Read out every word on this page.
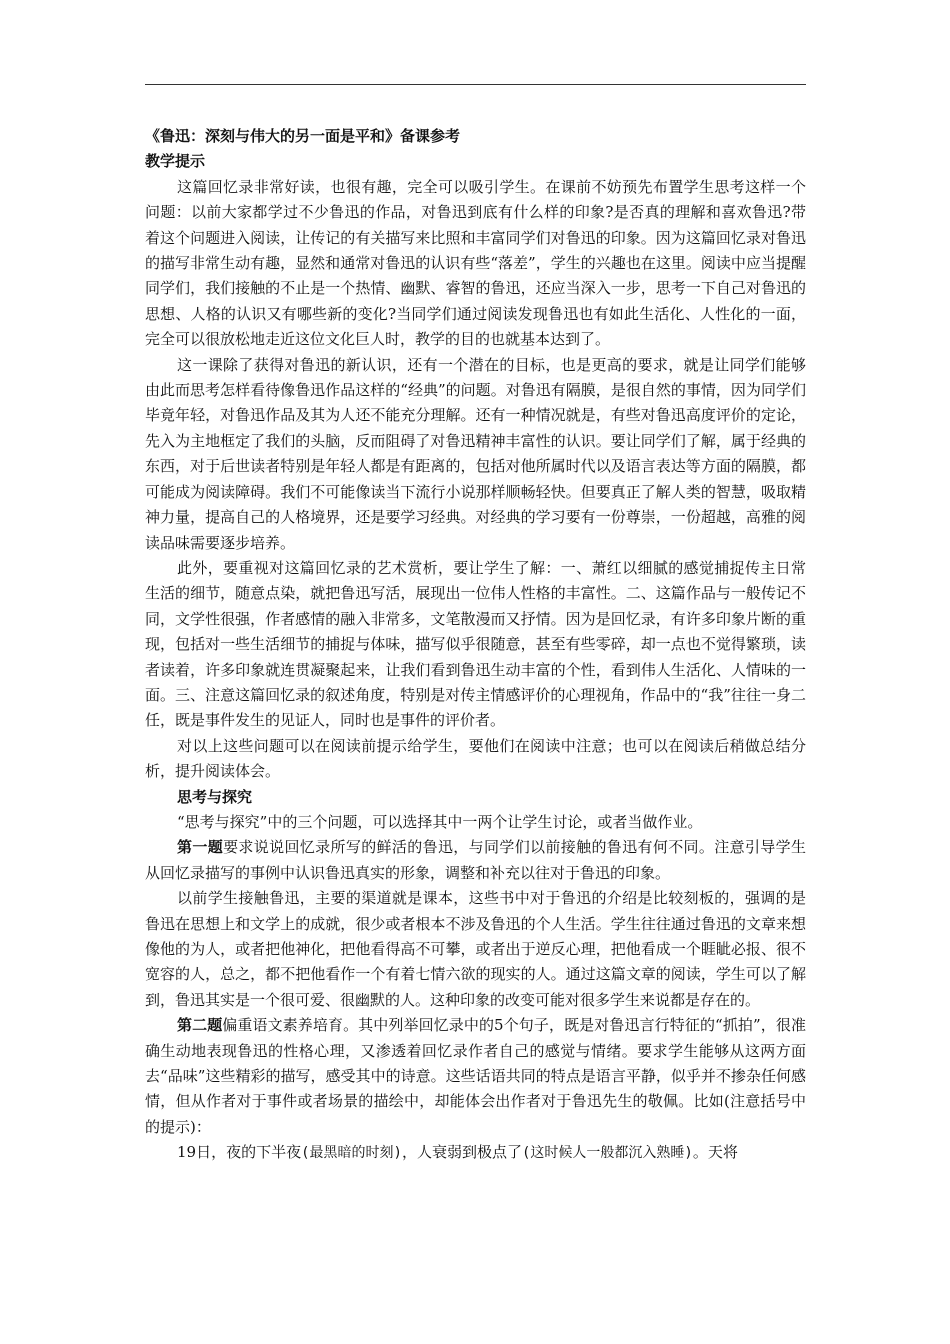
《鲁迅：深刻与伟大的另一面是平和》备课参考

教学提示

这篇回忆录非常好读，也很有趣，完全可以吸引学生。在课前不妨预先布置学生思考这样一个问题：以前大家都学过不少鲁迅的作品，对鲁迅到底有什么样的印象?是否真的理解和喜欢鲁迅?带着这个问题进入阅读，让传记的有关描写来比照和丰富同学们对鲁迅的印象。因为这篇回忆录对鲁迅的描写非常生动有趣，显然和通常对鲁迅的认识有些“落差”，学生的兴趣也在这里。阅读中应当提醒同学们，我们接触的不止是一个热情、幽默、睿智的鲁迅，还应当深入一步，思考一下自己对鲁迅的思想、人格的认识又有哪些新的变化?当同学们通过阅读发现鲁迅也有如此生活化、人性化的一面，完全可以很放松地走近这位文化巨人时，教学的目的也就基本达到了。

这一课除了获得对鲁迅的新认识，还有一个潜在的目标，也是更高的要求，就是让同学们能够由此而思考怎样看待像鲁迅作品这样的“经典”的问题。对鲁迅有隔膜，是很自然的事情，因为同学们毕竟年轻，对鲁迅作品及其为人还不能充分理解。还有一种情况就是，有些对鲁迅高度评价的定论，先入为主地框定了我们的头脑，反而阻碍了对鲁迅精神丰富性的认识。要让同学们了解，属于经典的东西，对于后世读者特别是年轻人都是有距离的，包括对他所属时代以及语言表达等方面的隔膜，都可能成为阅读障碍。我们不可能像读当下流行小说那样顺畅轻快。但要真正了解人类的智慧，吸取精神力量，提高自己的人格境界，还是要学习经典。对经典的学习要有一份尊崇，一份超越，高雅的阅读品味需要逐步培养。

此外，要重视对这篇回忆录的艺术赏析，要让学生了解：一、萧红以细腻的感觉捕捉传主日常生活的细节，随意点染，就把鲁迅写活，展现出一位伟人性格的丰富性。二、这篇作品与一般传记不同，文学性很强，作者感情的融入非常多，文笔散漫而又抒情。因为是回忆录，有许多印象片断的重现，包括对一些生活细节的捕捉与体味，描写似乎很随意，甚至有些零碎，却一点也不觉得繁琐，读者读着，许多印象就连贯凝聚起来，让我们看到鲁迅生动丰富的个性，看到伟人生活化、人情味的一面。三、注意这篇回忆录的叙述角度，特别是对传主情感评价的心理视角，作品中的“我”往往一身二任，既是事件发生的见证人，同时也是事件的评价者。

对以上这些问题可以在阅读前提示给学生，要他们在阅读中注意；也可以在阅读后稍做总结分析，提升阅读体会。

思考与探究

“思考与探究”中的三个问题，可以选择其中一两个让学生讨论，或者当做作业。

第一题要求说说回忆录所写的鲜活的鲁迅，与同学们以前接触的鲁迅有何不同。注意引导学生从回忆录描写的事例中认识鲁迅真实的形象，调整和补充以往对于鲁迅的印象。

以前学生接触鲁迅，主要的渠道就是课本，这些书中对于鲁迅的介绍是比较刻板的，强调的是鲁迅在思想上和文学上的成就，很少或者根本不涉及鲁迅的个人生活。学生往往通过鲁迅的文章来想像他的为人，或者把他神化，把他看得高不可攀，或者出于逆反心理，把他看成一个睚眦必报、很不宽容的人，总之，都不把他看作一个有着七情六欲的现实的人。通过这篇文章的阅读，学生可以了解到，鲁迅其实是一个很可爱、很幽默的人。这种印象的改变可能对很多学生来说都是存在的。

第二题偏重语文素养培育。其中列举回忆录中的5个句子，既是对鲁迅言行特征的“抓拍”，很准确生动地表现鲁迅的性格心理，又渗透着回忆录作者自己的感觉与情绪。要求学生能够从这两方面去“品味”这些精彩的描写，感受其中的诗意。这些话语共同的特点是语言平静，似乎并不掺杂任何感情，但从作者对于事件或者场景的描绘中，却能体会出作者对于鲁迅先生的敬佩。比如(注意括号中的提示)：

19日，夜的下半夜(最黑暗的时刻)，人衰弱到极点了(这时候人一般都沉入熟睡)。天将
